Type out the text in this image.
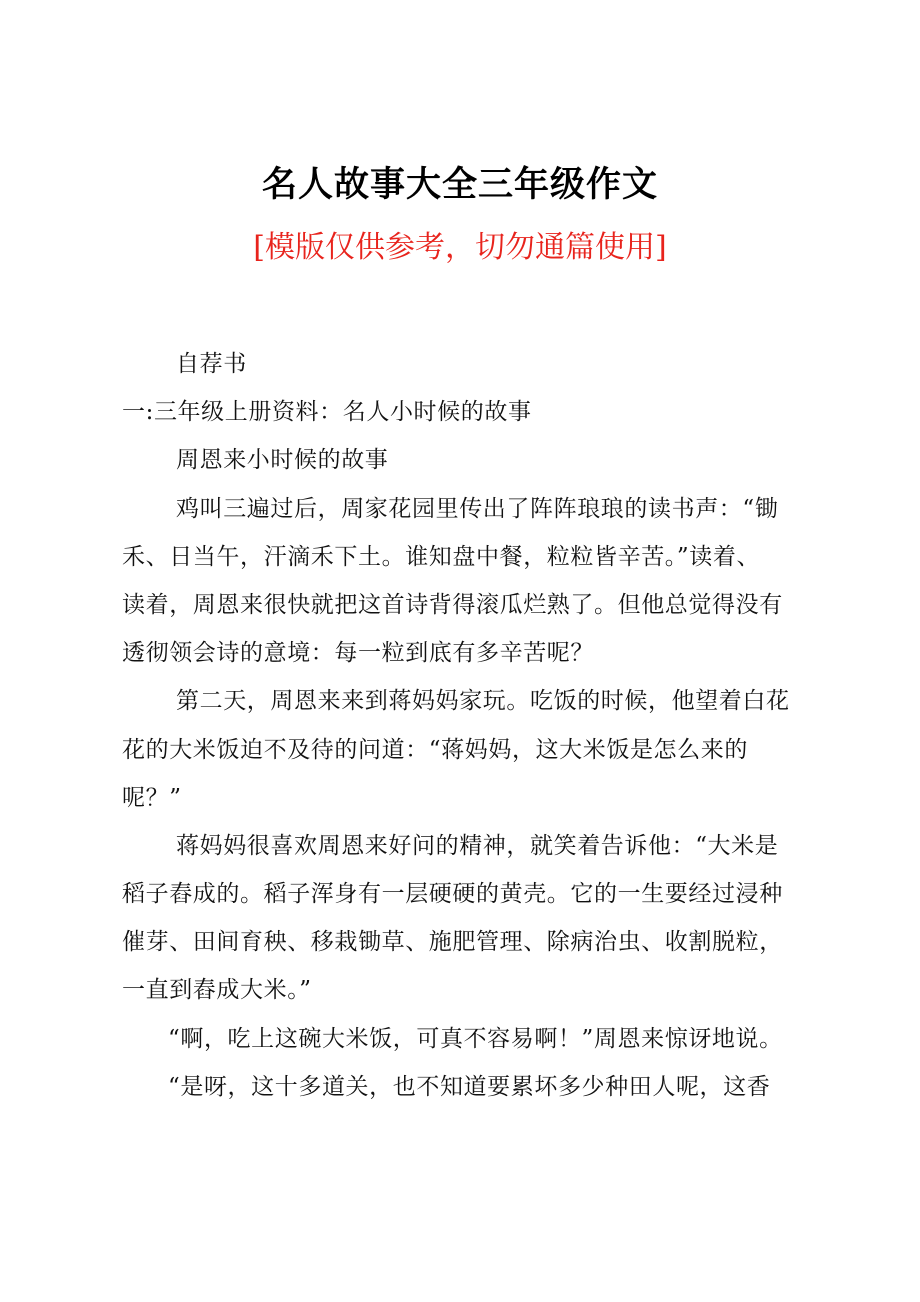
名人故事大全三年级作文

[模版仅供参考，切勿通篇使用]

自荐书
一:三年级上册资料：名人小时候的故事
周恩来小时候的故事
鸡叫三遍过后，周家花园里传出了阵阵琅琅的读书声：“锄
禾、日当午，汗滴禾下土。谁知盘中餐，粒粒皆辛苦。”读着、
读着，周恩来很快就把这首诗背得滚瓜烂熟了。但他总觉得没有
透彻领会诗的意境：每一粒到底有多辛苦呢？
第二天，周恩来来到蒋妈妈家玩。吃饭的时候，他望着白花
花的大米饭迫不及待的问道：“蒋妈妈，这大米饭是怎么来的
呢？”
蒋妈妈很喜欢周恩来好问的精神，就笑着告诉他：“大米是
稻子舂成的。稻子浑身有一层硬硬的黄壳。它的一生要经过浸种
催芽、田间育秧、移栽锄草、施肥管理、除病治虫、收割脱粒，
一直到舂成大米。”
“啊，吃上这碗大米饭，可真不容易啊！”周恩来惊讶地说。
“是呀，这十多道关，也不知道要累坏多少种田人呢，这香
